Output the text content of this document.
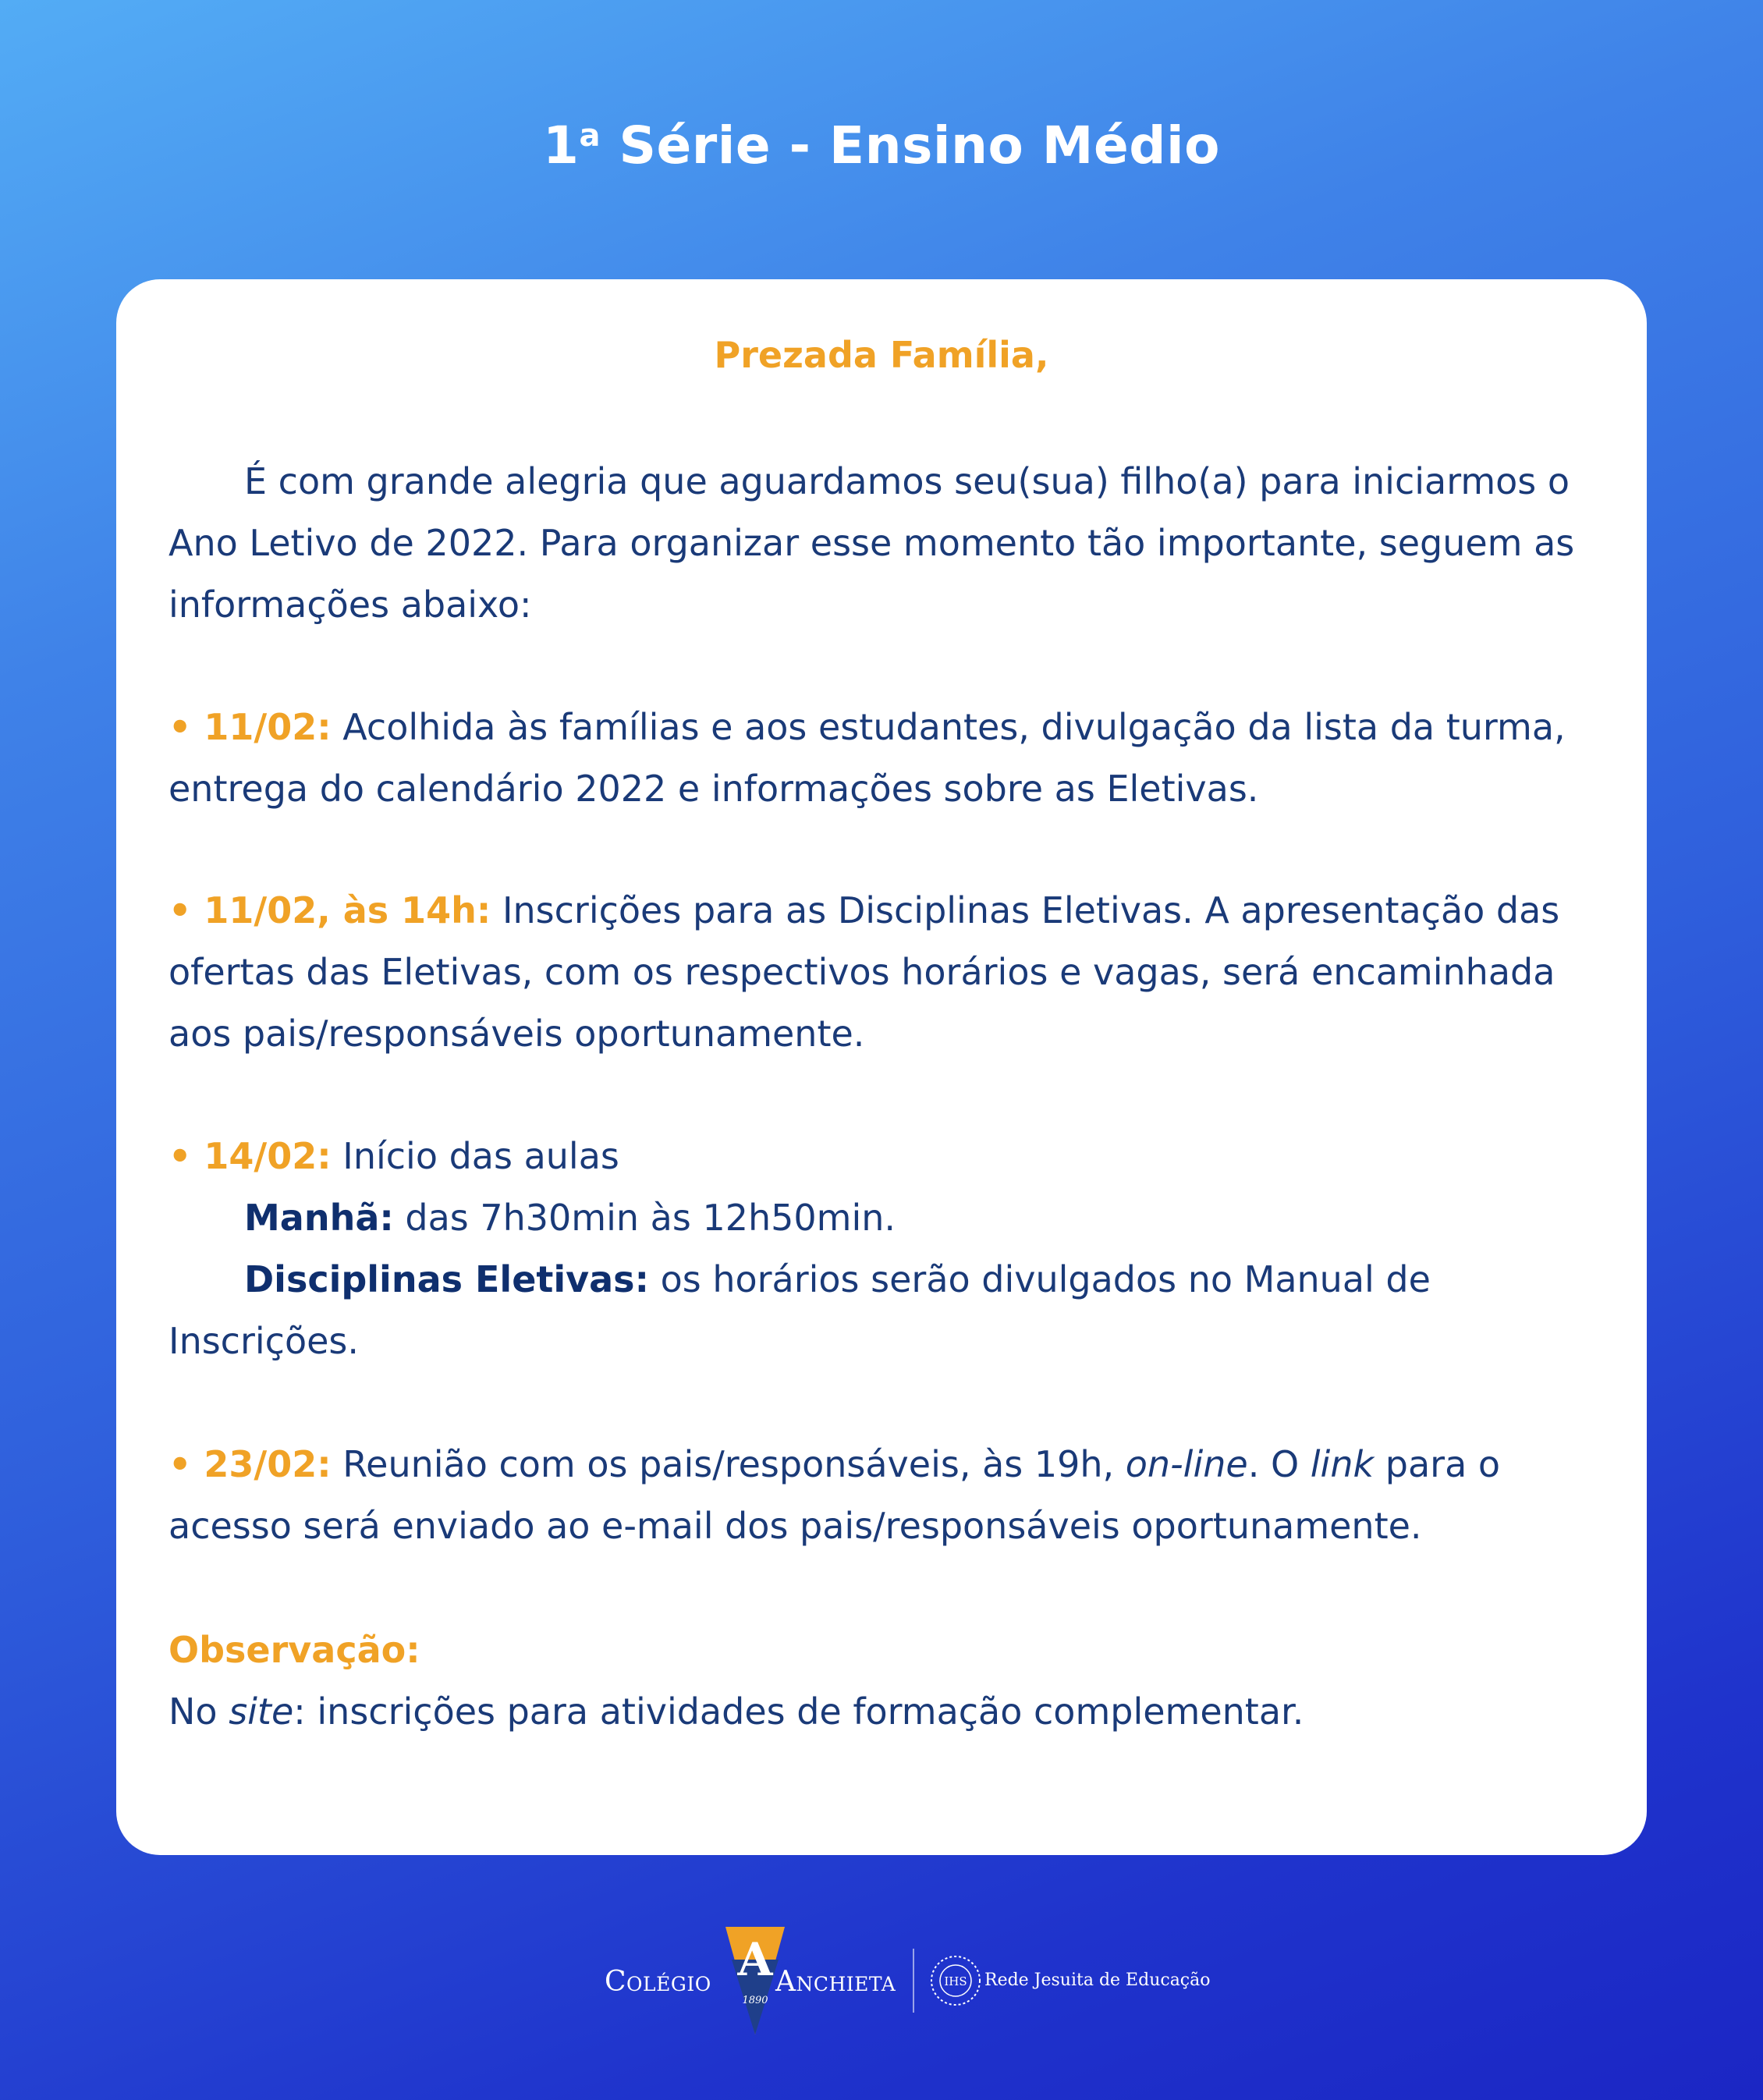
1$^a$ Série - Ensino Médio
Prezada Família,
É com grande alegria que aguardamos seu(sua) filho(a) para iniciarmos o Ano Letivo de 2022. Para organizar esse momento tão importante, seguem as informações abaixo:
• 11/02: Acolhida às famílias e aos estudantes, divulgação da lista da turma, entrega do calendário 2022 e informações sobre as Eletivas.
• 11/02, às 14h: Inscrições para as Disciplinas Eletivas. A apresentação das ofertas das Eletivas, com os respectivos horários e vagas, será encaminhada aos pais/responsáveis oportunamente.
• 14/02: Início das aulas
Manhã: das 7h30min às 12h50min.
Disciplinas Eletivas: os horários serão divulgados no Manual de Inscrições.
• 23/02: Reunião com os pais/responsáveis, às 19h, on-line. O link para o acesso será enviado ao e-mail dos pais/responsáveis oportunamente.
Observação:
No site: inscrições para atividades de formação complementar.
Colégio A
1890
Anchieta	IHS Rede Jesuita de Educação
